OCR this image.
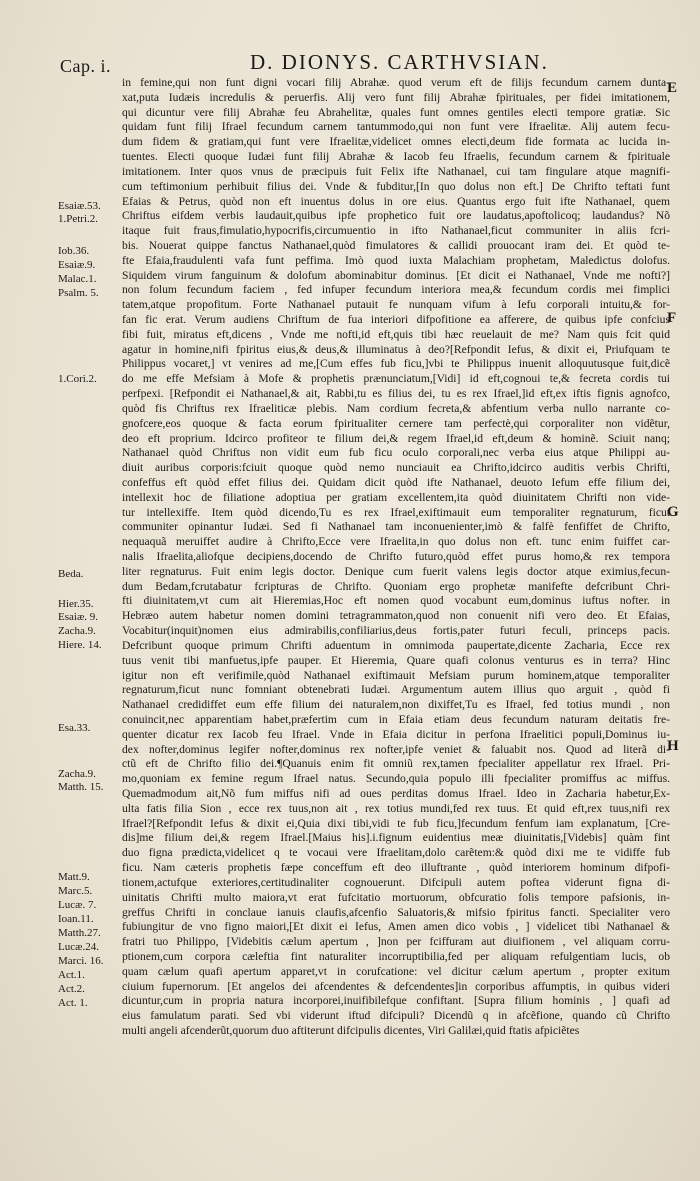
Cap. i.	D. DIONYS. CARTHVSIAN.
in femine,qui non funt digni vocari filij Abrahæ. quod verum eft de filijs fecundum carnem dunta-
xat,puta Iudæis incredulis & peruerfis. Alij vero funt filij Abrahæ fpirituales, per fidei imitationem,
qui dicuntur vere filij Abrahæ feu Abrahelitæ, quales funt omnes gentiles electi tempore gratiæ. Sic
quidam funt filij Ifrael fecundum carnem tantummodo,qui non funt vere Ifraelitæ. Alij autem fecu-
dum fidem & gratiam,qui funt vere Ifraelitæ,videlicet omnes electi,deum fide formata ac lucida in-
tuentes. Electi quoque Iudæi funt filij Abrahæ & Iacob feu Ifraelis, fecundum carnem & fpirituale
imitationem. Inter quos vnus de præcipuis fuit Felix ifte Nathanael, cui tam fingulare atque magnifi-
cum teftimonium perhibuit filius dei. Vnde & fubditur,[In quo dolus non eft.] De Chrifto teftati funt
Efaias & Petrus, quòd non eft inuentus dolus in ore eius. Quantus ergo fuit ifte Nathanael, quem
Chriftus eifdem verbis laudauit,quibus ipfe prophetico fuit ore laudatus,apoftolicoq; laudandus? Nõ
itaque fuit fraus,fimulatio,hypocrifis,circumuentio in ifto Nathanael,ficut communiter in aliis fcri-
bis. Nouerat quippe fanctus Nathanael,quòd fimulatores & callidi prouocant iram dei. Et quòd te-
fte Efaia,fraudulenti vafa funt peffima. Imò quod iuxta Malachiam prophetam, Maledictus dolofus.
Siquidem virum fanguinum & dolofum abominabitur dominus. [Et dicit ei Nathanael, Vnde me nofti?]
non folum fecundum faciem , fed infuper fecundum interiora mea,& fecundum cordis mei fimplici
tatem,atque propofitum. Forte Nathanael putauit fe nunquam vifum à Iefu corporali intuitu,& for-
fan fic erat. Verum audiens Chriftum de fua interiori difpofitione ea afferere, de quibus ipfe confcius
fibi fuit, miratus eft,dicens , Vnde me nofti,id eft,quis tibi hæc reuelauit de me? Nam quis fcit quid
agatur in homine,nifi fpiritus eius,& deus,& illuminatus à deo?[Refpondit Iefus, & dixit ei, Priufquam te
Philippus vocaret,] vt venires ad me,[Cum effes fub ficu,]vbi te Philippus inuenit alloquutusque fuit,dicẽ
do me effe Mefsiam à Mofe & prophetis prænunciatum,[Vidi] id eft,cognoui te,& fecreta cordis tui
perfpexi. [Refpondit ei Nathanael,& ait, Rabbi,tu es filius dei, tu es rex Ifrael,]id eft,ex iftis fignis agnofco,
quòd fis Chriftus rex Ifraeliticæ plebis. Nam cordium fecreta,& abfentium verba nullo narrante co-
gnofcere,eos quoque & facta eorum fpiritualiter cernere tam perfectè,qui corporaliter non vidẽtur,
deo eft proprium. Idcirco profiteor te filium dei,& regem Ifrael,id eft,deum & hominẽ. Sciuit nanq;
Nathanael quòd Chriftus non vidit eum fub ficu oculo corporali,nec verba eius atque Philippi au-
diuit auribus corporis:fciuit quoque quòd nemo nunciauit ea Chrifto,idcirco auditis verbis Chrifti,
confeffus eft quòd effet filius dei. Quidam dicit quòd ifte Nathanael, deuoto Iefum effe filium dei,
intellexit hoc de filiatione adoptiua per gratiam excellentem,ita quòd diuinitatem Chrifti non vide-
tur intellexiffe. Item quòd dicendo,Tu es rex Ifrael,exiftimauit eum temporaliter regnaturum, ficut
communiter opinantur Iudæi. Sed fi Nathanael tam inconuenienter,imò & falfè fenfiffet de Chrifto,
nequaquã meruiffet audire à Chrifto,Ecce vere Ifraelita,in quo dolus non eft. tunc enim fuiffet car-
nalis Ifraelita,aliofque decipiens,docendo de Chrifto futuro,quòd effet purus homo,& rex tempora
liter regnaturus. Fuit enim legis doctor. Denique cum fuerit valens legis doctor atque eximius,fecun-
dum Bedam,fcrutabatur fcripturas de Chrifto. Quoniam ergo prophetæ manifefte defcribunt Chri-
fti diuinitatem,vt cum ait Hieremias,Hoc eft nomen quod vocabunt eum,dominus iuftus nofter. in
Hebræo autem habetur nomen domini tetragrammaton,quod non conuenit nifi vero deo. Et Efaias,
Vocabitur(inquit)nomen eius admirabilis,confiliarius,deus fortis,pater futuri feculi, princeps pacis.
Defcribunt quoque primum Chrifti aduentum in omnimoda paupertate,dicente Zacharia, Ecce rex
tuus venit tibi manfuetus,ipfe pauper. Et Hieremia, Quare quafi colonus venturus es in terra? Hinc
igitur non eft verifimile,quòd Nathanael exiftimauit Mefsiam purum hominem,atque temporaliter
regnaturum,ficut nunc fomniant obtenebrati Iudæi. Argumentum autem illius quo arguit , quòd fi
Nathanael credidiffet eum effe filium dei naturalem,non dixiffet,Tu es Ifrael, fed totius mundi , non
conuincit,nec apparentiam habet,præfertim cum in Efaia etiam deus fecundum naturam deitatis fre-
quenter dicatur rex Iacob feu Ifrael. Vnde in Efaia dicitur in perfona Ifraelitici populi,Dominus iu-
dex nofter,dominus legifer nofter,dominus rex nofter,ipfe veniet & faluabit nos. Quod ad literã di-
ctũ eft de Chrifto filio dei.¶Quanuis enim fit omniũ rex,tamen fpecialiter appellatur rex Ifrael. Pri-
mo,quoniam ex femine regum Ifrael natus. Secundo,quia populo illi fpecialiter promiffus ac miffus.
Quemadmodum ait,Nõ fum miffus nifi ad oues perditas domus Ifrael. Ideo in Zacharia habetur,Ex-
ulta fatis filia Sion , ecce rex tuus,non ait , rex totius mundi,fed rex tuus. Et quid eft,rex tuus,nifi rex
Ifrael?[Refpondit Iefus & dixit ei,Quia dixi tibi,vidi te fub ficu,]fecundum fenfum iam explanatum, [Cre-
dis]me filium dei,& regem Ifrael.[Maius his].i.fignum euidentius meæ diuinitatis,[Videbis] quàm fint
duo figna prædicta,videlicet q te vocaui vere Ifraelitam,dolo carẽtem:& quòd dixi me te vidiffe fub
ficu. Nam cæteris prophetis fæpe conceffum eft deo illuftrante , quòd interiorem hominum difpofi-
tionem,actufque exteriores,certitudinaliter cognouerunt. Difcipuli autem poftea viderunt figna di-
uinitatis Chrifti multo maiora,vt erat fufcitatio mortuorum, obfcuratio folis tempore pafsionis, in-
greffus Chrifti in conclaue ianuis claufis,afcenfio Saluatoris,& mifsio fpiritus fancti. Specialiter vero
fubiungitur de vno figno maiori,[Et dixit ei Iefus, Amen amen dico vobis , ] videlicet tibi Nathanael &
fratri tuo Philippo, [Videbitis cælum apertum , ]non per fciffuram aut diuifionem , vel aliquam corru-
ptionem,cum corpora cæleftia fint naturaliter incorruptibilia,fed per aliquam refulgentiam lucis, ob
quam cælum quafi apertum apparet,vt in corufcatione: vel dicitur cælum apertum , propter exitum
ciuium fupernorum. [Et angelos dei afcendentes & defcendentes]in corporibus affumptis, in quibus videri
dicuntur,cum in propria natura incorporei,inuifibilefque confiftant. [Supra filium hominis , ] quafi ad
eius famulatum parati. Sed vbi viderunt iftud difcipuli? Dicendũ q in afcẽfione, quando cũ Chrifto
multi angeli afcenderũt,quorum duo aftiterunt difcipulis dicentes, Viri Galilæi,quid ftatis afpiciẽtes
Esaiæ.53.
1.Petri.2.
Iob.36.
Esaiæ.9.
Malac.1.
Psalm. 5.
1.Cori.2.
Beda.
Hier.35.
Esaiæ. 9.
Zacha.9.
Hiere. 14.
Esa.33.
Zacha.9.
Matth. 15.
Matt.9.
Marc.5.
Lucæ. 7.
Ioan.11.
Matth.27.
Lucæ.24.
Marci. 16.
Act.1.
Act.2.
Act. 1.
E
F
G
H
